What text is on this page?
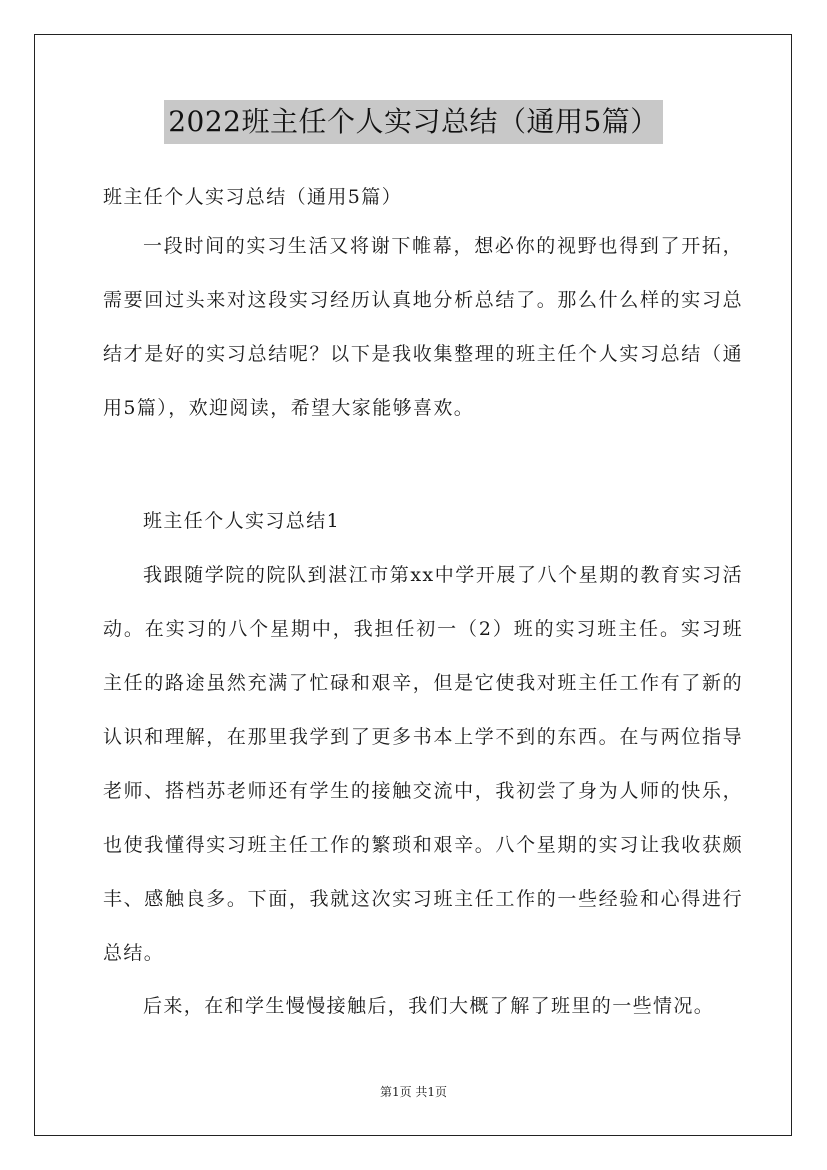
2022班主任个人实习总结（通用5篇）

班主任个人实习总结（通用5篇）

一段时间的实习生活又将谢下帷幕，想必你的视野也得到了开拓，需要回过头来对这段实习经历认真地分析总结了。那么什么样的实习总结才是好的实习总结呢？以下是我收集整理的班主任个人实习总结（通用5篇），欢迎阅读，希望大家能够喜欢。

班主任个人实习总结1

我跟随学院的院队到湛江市第xx中学开展了八个星期的教育实习活动。在实习的八个星期中，我担任初一（2）班的实习班主任。实习班主任的路途虽然充满了忙碌和艰辛，但是它使我对班主任工作有了新的认识和理解，在那里我学到了更多书本上学不到的东西。在与两位指导老师、搭档苏老师还有学生的接触交流中，我初尝了身为人师的快乐，也使我懂得实习班主任工作的繁琐和艰辛。八个星期的实习让我收获颇丰、感触良多。下面，我就这次实习班主任工作的一些经验和心得进行总结。

后来，在和学生慢慢接触后，我们大概了解了班里的一些情况。

第1页 共1页
